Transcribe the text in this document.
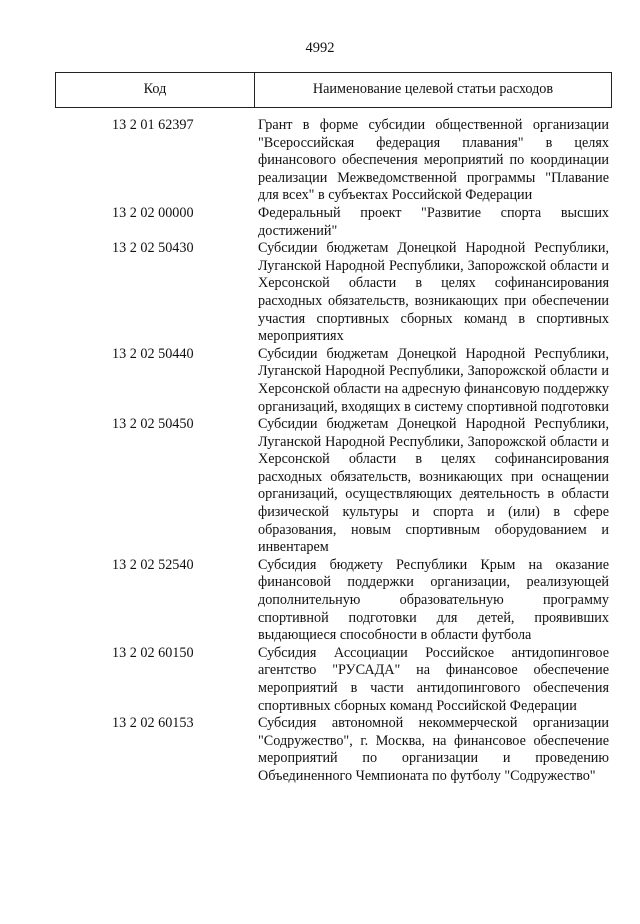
4992
Код	Наименование целевой статьи расходов
13 2 01 62397	Грант в форме субсидии общественной организации "Всероссийская федерация плавания" в целях финансового обеспечения мероприятий по координации реализации Межведомственной программы "Плавание для всех" в субъектах Российской Федерации
13 2 02 00000	Федеральный проект "Развитие спорта высших достижений"
13 2 02 50430	Субсидии бюджетам Донецкой Народной Республики, Луганской Народной Республики, Запорожской области и Херсонской области в целях софинансирования расходных обязательств, возникающих при обеспечении участия спортивных сборных команд в спортивных мероприятиях
13 2 02 50440	Субсидии бюджетам Донецкой Народной Республики, Луганской Народной Республики, Запорожской области и Херсонской области на адресную финансовую поддержку организаций, входящих в систему спортивной подготовки
13 2 02 50450	Субсидии бюджетам Донецкой Народной Республики, Луганской Народной Республики, Запорожской области и Херсонской области в целях софинансирования расходных обязательств, возникающих при оснащении организаций, осуществляющих деятельность в области физической культуры и спорта и (или) в сфере образования, новым спортивным оборудованием и инвентарем
13 2 02 52540	Субсидия бюджету Республики Крым на оказание финансовой поддержки организации, реализующей дополнительную образовательную программу спортивной подготовки для детей, проявивших выдающиеся способности в области футбола
13 2 02 60150	Субсидия Ассоциации Российское антидопинговое агентство "РУСАДА" на финансовое обеспечение мероприятий в части антидопингового обеспечения спортивных сборных команд Российской Федерации
13 2 02 60153	Субсидия автономной некоммерческой организации "Содружество", г. Москва, на финансовое обеспечение мероприятий по организации и проведению Объединенного Чемпионата по футболу "Содружество"
